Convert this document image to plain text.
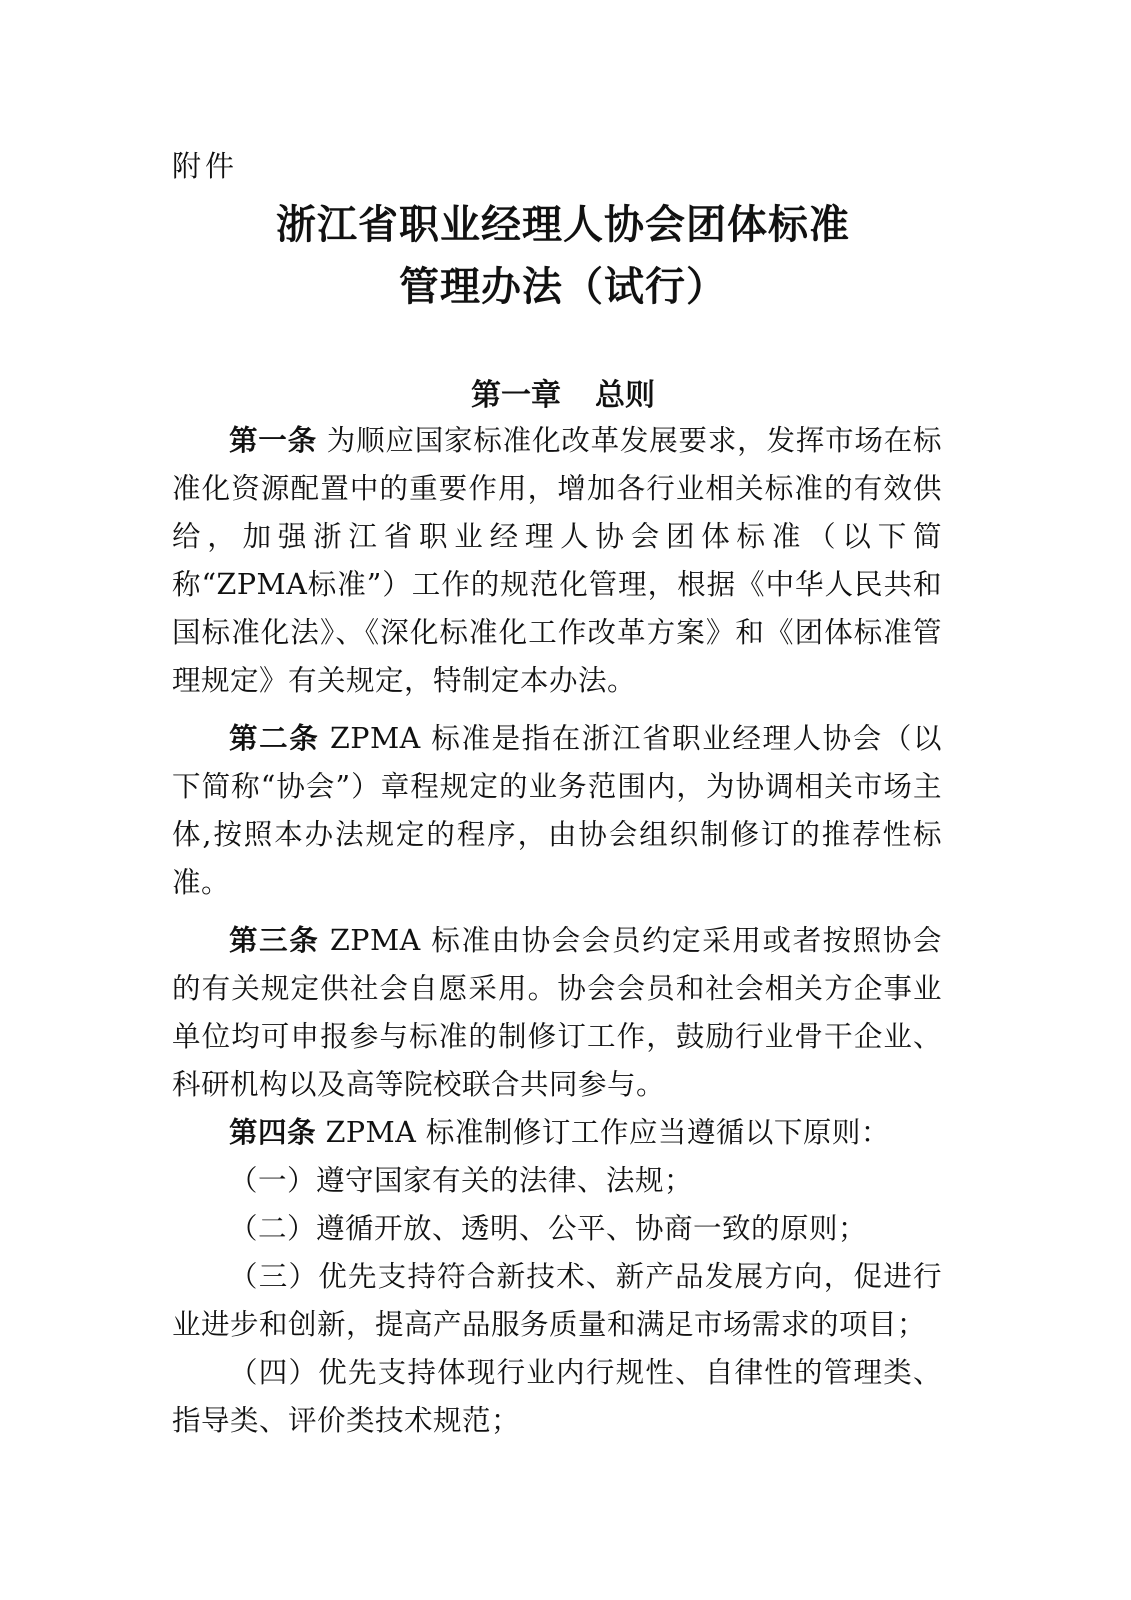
附件
浙江省职业经理人协会团体标准
管理办法（试行）
第一章 总则

第一条 为顺应国家标准化改革发展要求，发挥市场在标准化资源配置中的重要作用，增加各行业相关标准的有效供给，加强浙江省职业经理人协会团体标准（以下简称“ZPMA标准”）工作的规范化管理，根据《中华人民共和国标准化法》、《深化标准化工作改革方案》和《团体标准管理规定》有关规定，特制定本办法。

第二条 ZPMA 标准是指在浙江省职业经理人协会（以下简称“协会”）章程规定的业务范围内，为协调相关市场主体,按照本办法规定的程序，由协会组织制修订的推荐性标准。

第三条 ZPMA 标准由协会会员约定采用或者按照协会的有关规定供社会自愿采用。协会会员和社会相关方企事业单位均可申报参与标准的制修订工作，鼓励行业骨干企业、科研机构以及高等院校联合共同参与。

第四条 ZPMA 标准制修订工作应当遵循以下原则：

（一）遵守国家有关的法律、法规；

（二）遵循开放、透明、公平、协商一致的原则；

（三）优先支持符合新技术、新产品发展方向，促进行业进步和创新，提高产品服务质量和满足市场需求的项目；

（四）优先支持体现行业内行规性、自律性的管理类、指导类、评价类技术规范；
